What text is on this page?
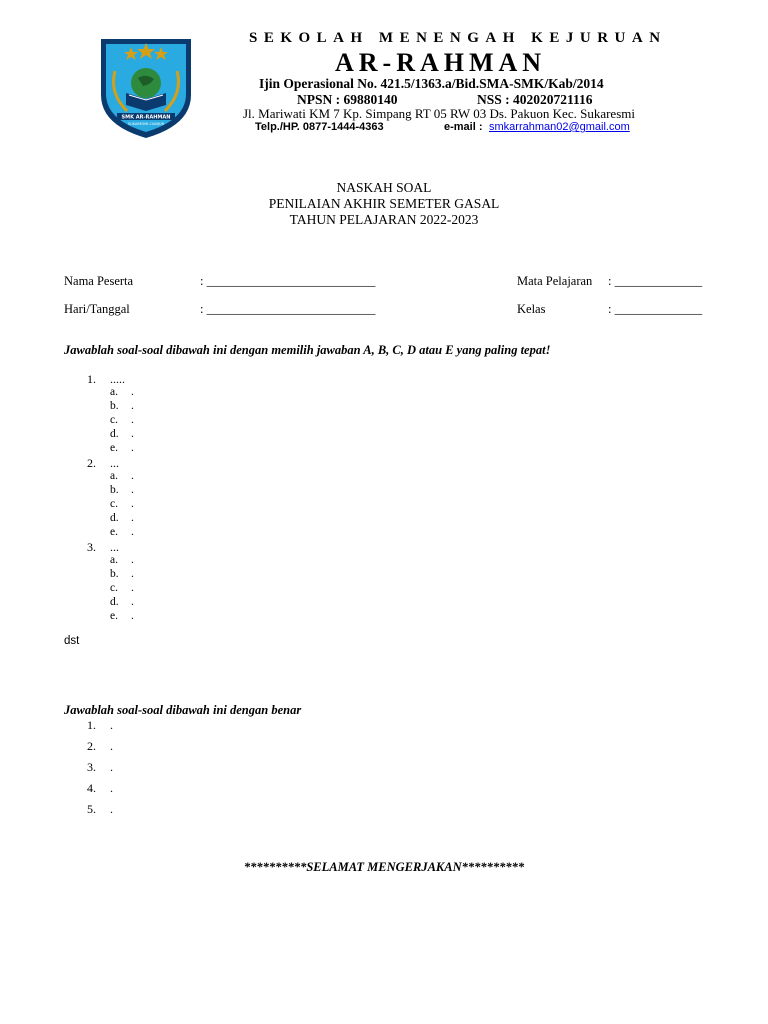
SMK AR-RAHMAN
SUKARESMI-CIANJUR
SEKOLAH MENENGAH KEJURUAN
AR-RAHMAN
Ijin Operasional No. 421.5/1363.a/Bid.SMA-SMK/Kab/2014
NPSN : 69880140	NSS : 402020721116
Jl. Mariwati KM 7 Kp. Simpang RT 05 RW 03 Ds. Pakuon Kec. Sukaresmi
Telp./HP. 0877-1444-4363	e-mail : smkarrahman02@gmail.com
NASKAH SOAL
PENILAIAN AKHIR SEMETER GASAL
TAHUN PELAJARAN 2022-2023
Nama Peserta	: ___________________________	Mata Pelajaran : ______________
Hari/Tanggal	: ___________________________	Kelas	: ______________
Jawablah soal-soal dibawah ini dengan memilih jawaban A, B, C, D atau E yang paling tepat!
1. .....
a. .
b. .
c. .
d. .
e. .
2. ...
a. .
b. .
c. .
d. .
e. .
3. ...
a. .
b. .
c. .
d. .
e. .
dst
Jawablah soal-soal dibawah ini dengan benar
1. .
2. .
3. .
4. .
5. .
**********SELAMAT MENGERJAKAN**********
